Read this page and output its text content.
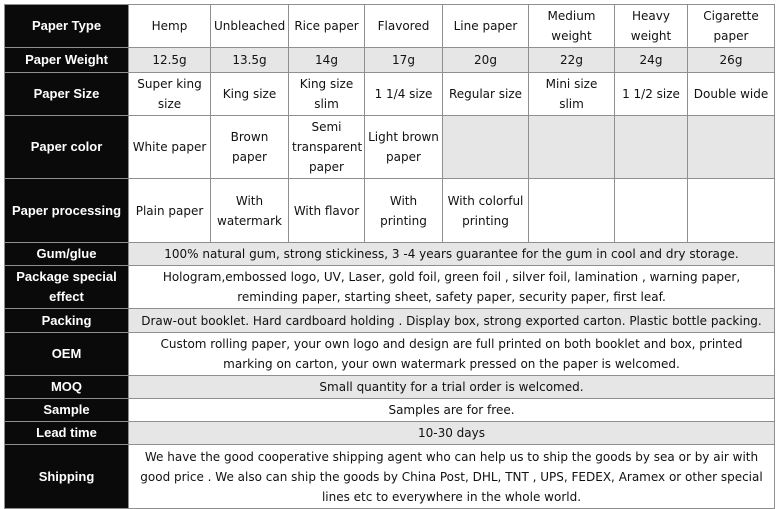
Paper Type	Hemp	Unbleached	Rice paper	Flavored	Line paper	Medium weight	Heavy weight	Cigarette paper
Paper Weight	12.5g	13.5g	14g	17g	20g	22g	24g	26g
Paper Size	Super king size	King size	King size slim	1 1/4 size	Regular size	Mini size slim	1 1/2 size	Double wide
Paper color	White paper	Brown paper	Semi transparent paper	Light brown paper				
Paper processing	Plain paper	With watermark	With flavor	With printing	With colorful printing			
Gum/glue	100% natural gum, strong stickiness, 3 -4 years guarantee for the gum in cool and dry storage.							
Package special effect	Hologram,embossed logo, UV, Laser, gold foil, green foil , silver foil, lamination , warning paper, reminding paper, starting sheet, safety paper, security paper, first leaf.							
Packing	Draw-out booklet. Hard cardboard holding . Display box, strong exported carton. Plastic bottle packing.							
OEM	Custom rolling paper, your own logo and design are full printed on both booklet and box, printed marking on carton, your own watermark pressed on the paper is welcomed.							
MOQ	Small quantity for a trial order is welcomed.							
Sample	Samples are for free.							
Lead time	10-30 days							
Shipping	We have the good cooperative shipping agent who can help us to ship the goods by sea or by air with good price . We also can ship the goods by China Post, DHL, TNT , UPS, FEDEX, Aramex or other special lines etc to everywhere in the whole world.							
